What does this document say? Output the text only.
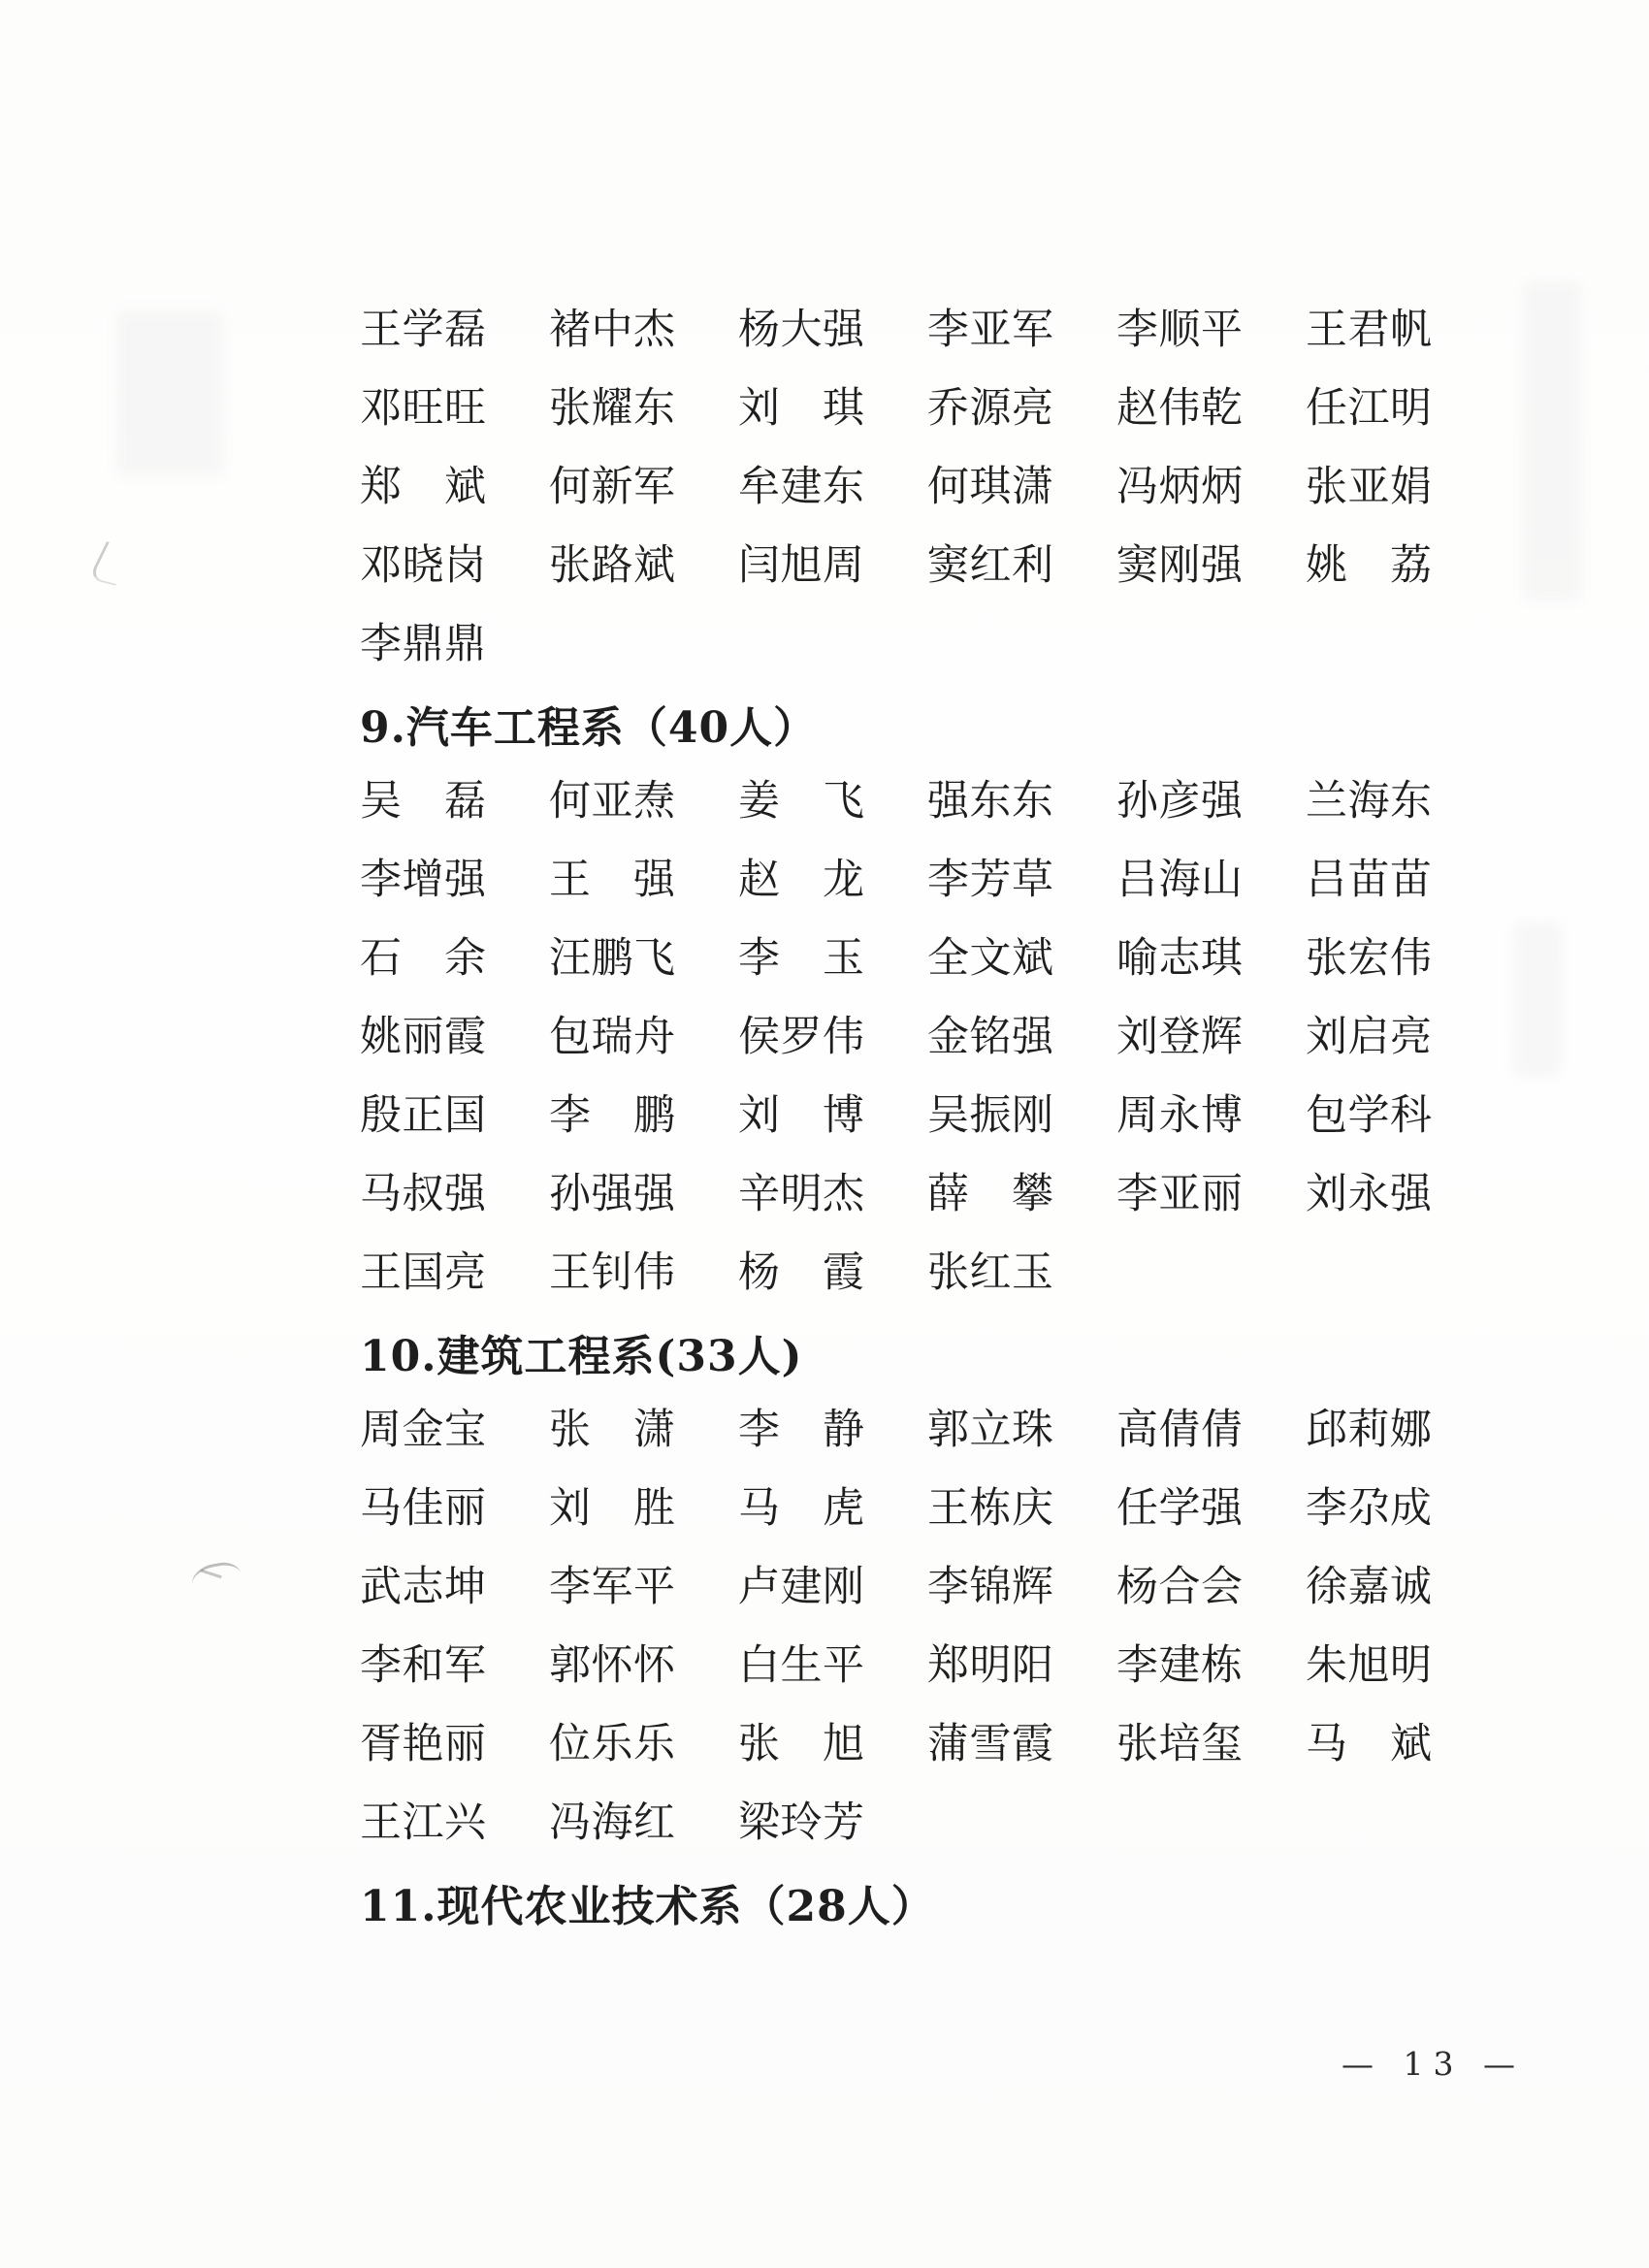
王 学 磊 褚 中 杰 杨 大 强 李 亚 军 李 顺 平 王 君 帆
邓 旺 旺 张 耀 东 刘 琪 乔 源 亮 赵 伟 乾 任 江 明
郑 斌 何 新 军 牟 建 东 何 琪 潇 冯 炳 炳 张 亚 娟
邓 晓 岗 张 路 斌 闫 旭 周 窦 红 利 窦 刚 强 姚 荔
李 鼎 鼎
9.汽车工程系（40人）
吴 磊 何 亚 焘 姜 飞 强 东 东 孙 彦 强 兰 海 东
李 增 强 王 强 赵 龙 李 芳 草 吕 海 山 吕 苗 苗
石 余 汪 鹏 飞 李 玉 全 文 斌 喻 志 琪 张 宏 伟
姚 丽 霞 包 瑞 舟 侯 罗 伟 金 铭 强 刘 登 辉 刘 启 亮
殷 正 国 李 鹏 刘 博 吴 振 刚 周 永 博 包 学 科
马 叔 强 孙 强 强 辛 明 杰 薛 攀 李 亚 丽 刘 永 强
王 国 亮 王 钊 伟 杨 霞 张 红 玉
10.建筑工程系(33人)
周 金 宝 张 潇 李 静 郭 立 珠 高 倩 倩 邱 莉 娜
马 佳 丽 刘 胜 马 虎 王 栋 庆 任 学 强 李 尕 成
武 志 坤 李 军 平 卢 建 刚 李 锦 辉 杨 合 会 徐 嘉 诚
李 和 军 郭 怀 怀 白 生 平 郑 明 阳 李 建 栋 朱 旭 明
胥 艳 丽 位 乐 乐 张 旭 蒲 雪 霞 张 培 玺 马 斌
王 江 兴 冯 海 红 梁 玲 芳
11.现代农业技术系（28人）
— 13 —
